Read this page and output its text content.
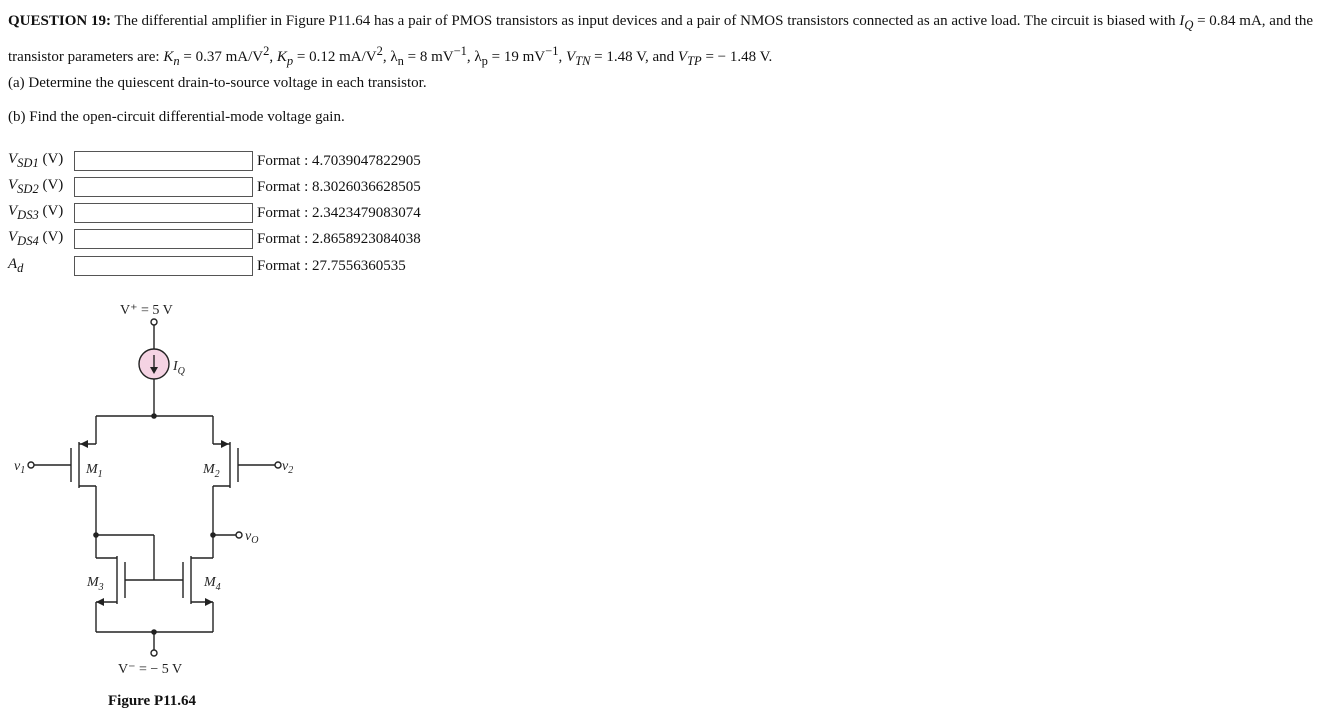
QUESTION 19: The differential amplifier in Figure P11.64 has a pair of PMOS transistors as input devices and a pair of NMOS transistors connected as an active load. The circuit is biased with $I_Q = 0.84$ mA, and the transistor parameters are: $K_n = 0.37$ $mA/V^2$, $K_p = 0.12$ $mA/V^2$, $\lambda_n = 8$ $mV^{-1}$, $\lambda_p = 19$ $mV^{-1}$, $V_{TN} = 1.48$ V, and $V_{TP}$ = − 1.48 V.
(a) Determine the quiescent drain-to-source voltage in each transistor.
(b) Find the open-circuit differential-mode voltage gain.
$V_{SD1}$ (V)	Format : 4.7039047822905
$V_{SD2}$ (V)	Format : 8.3026036628505
$V_{DS3}$ (V)	Format : 2.3423479083074
$V_{DS4}$ (V)	Format : 2.8658923084038
$A_d$	Format : 27.7556360535
V⁺ = 5 V
$I_Q$
$M_1$	$M_2$
$M_3$	$M_4$
$v_1$	$v_2$
$v_O$
V⁻ = − 5 V
Figure P11.64
